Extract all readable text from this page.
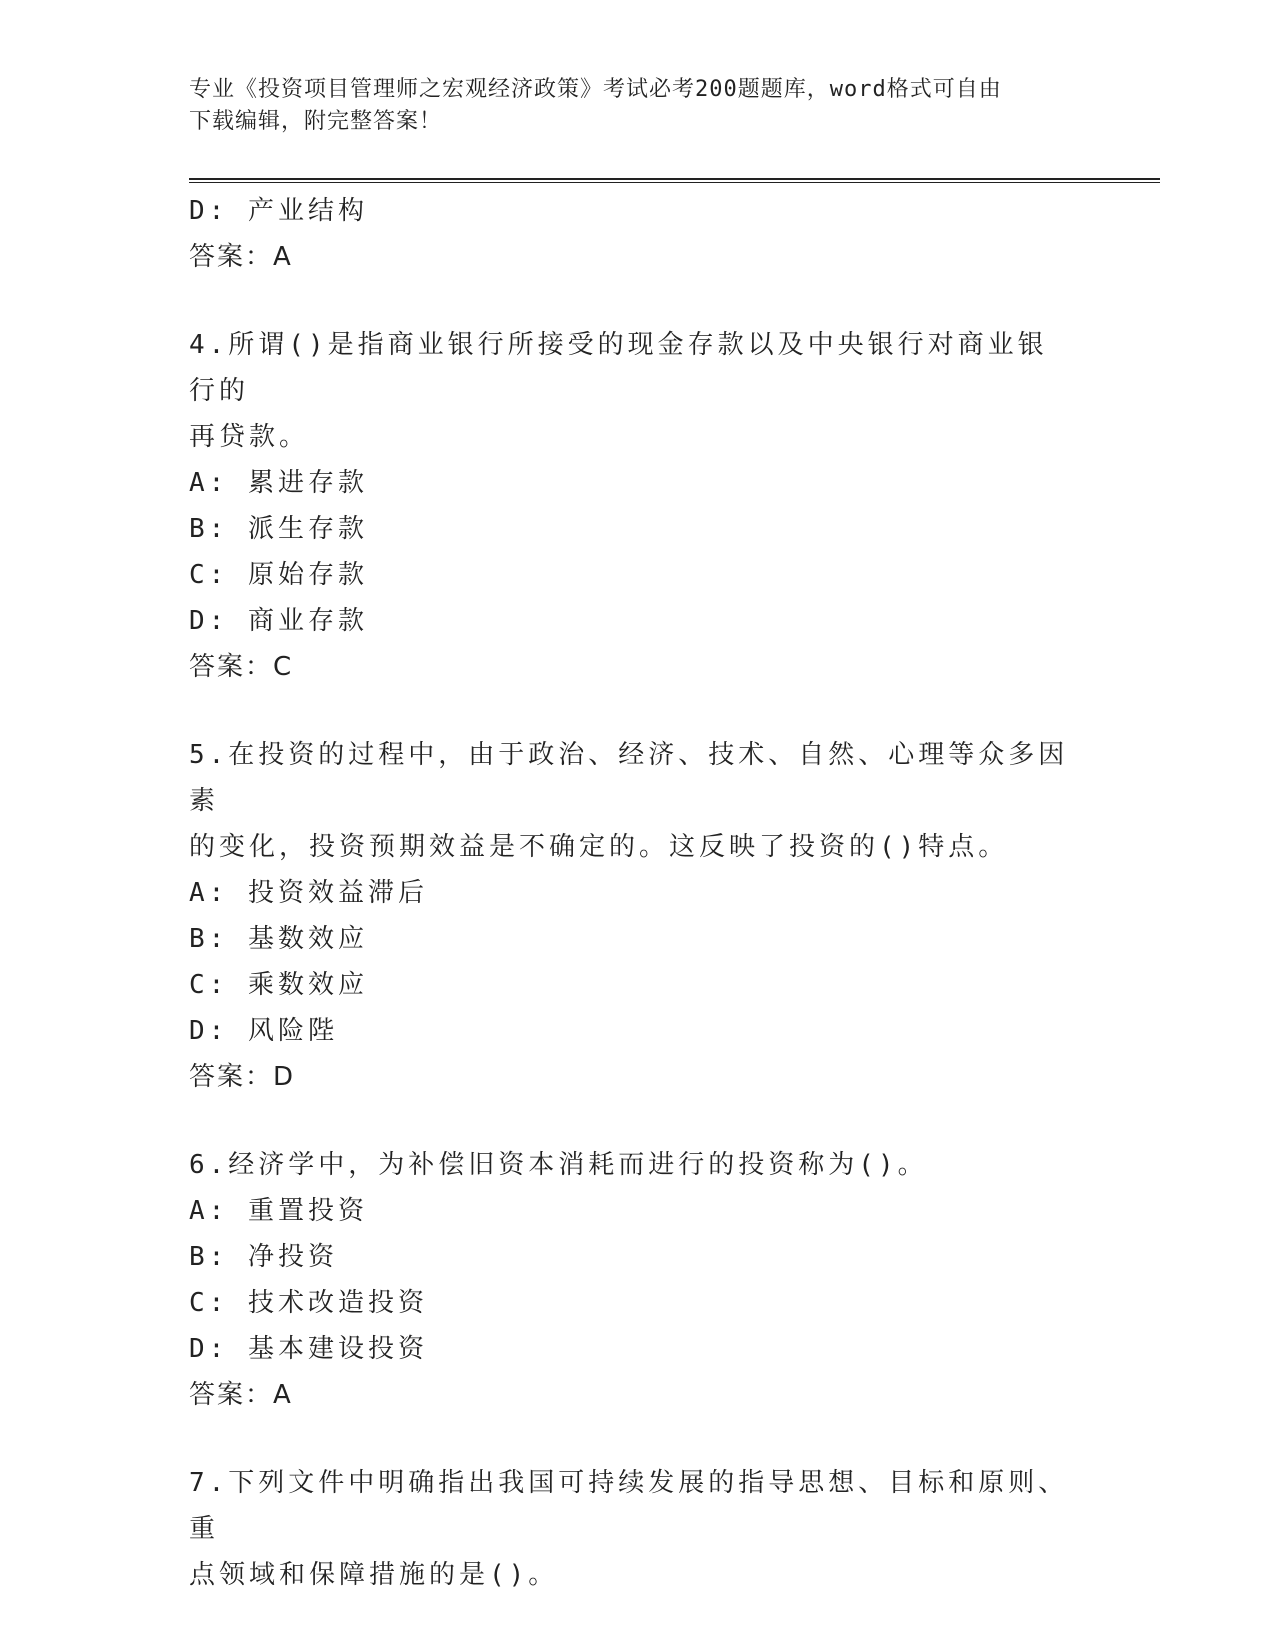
专业《投资项目管理师之宏观经济政策》考试必考200题题库，word格式可自由
下载编辑，附完整答案！
D: 产业结构
答案：A
4.所谓()是指商业银行所接受的现金存款以及中央银行对商业银行的
再贷款。
A: 累进存款
B: 派生存款
C: 原始存款
D: 商业存款
答案：C
5.在投资的过程中，由于政治、经济、技术、自然、心理等众多因素
的变化，投资预期效益是不确定的。这反映了投资的()特点。
A: 投资效益滞后
B: 基数效应
C: 乘数效应
D: 风险陛
答案：D
6.经济学中，为补偿旧资本消耗而进行的投资称为()。
A: 重置投资
B: 净投资
C: 技术改造投资
D: 基本建设投资
答案：A
7.下列文件中明确指出我国可持续发展的指导思想、目标和原则、重
点领域和保障措施的是()。
